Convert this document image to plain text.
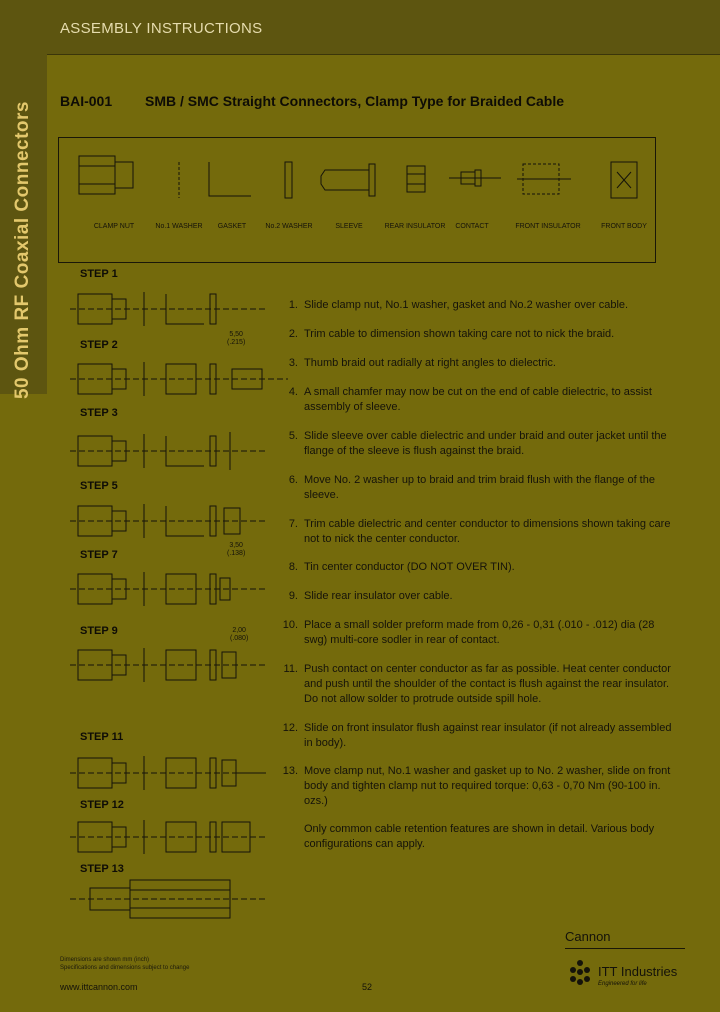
ASSEMBLY INSTRUCTIONS
50 Ohm RF Coaxial Connectors BAI-001 SMB / SMC Straight Connectors, Clamp Type for Braided Cable
CLAMP NUT	No.1 WASHER	GASKET	No.2 WASHER	SLEEVE	REAR INSULATOR	CONTACT	FRONT INSULATOR	FRONT BODY
STEP 1
STEP 2
STEP 3
STEP 5
STEP 7
STEP 9
STEP 11
STEP 12
STEP 13
5,50
(.215)
3,50
(.138)
2,00
(.080)
1. Slide clamp nut, No.1 washer, gasket and No.2 washer over cable.
2. Trim cable to dimension shown taking care not to nick the braid.
3. Thumb braid out radially at right angles to dielectric.
4. A small chamfer may now be cut on the end of cable dielectric, to assist assembly of sleeve.
5. Slide sleeve over cable dielectric and under braid and outer jacket until the flange of the sleeve is flush against the braid.
6. Move No. 2 washer up to braid and trim braid flush with the flange of the sleeve.
7. Trim cable dielectric and center conductor to dimensions shown taking care not to nick the center conductor.
8. Tin center conductor (DO NOT OVER TIN).
9. Slide rear insulator over cable.
10. Place a small solder preform made from 0,26 - 0,31 (.010 - .012) dia (28 swg) multi-core sodler in rear of contact.
11. Push contact on center conductor as far as possible. Heat center conductor and push until the shoulder of the contact is flush against the rear insulator. Do not allow solder to protrude outside spill hole.
12. Slide on front insulator flush against rear insulator (if not already assembled in body).
13. Move clamp nut, No.1 washer and gasket up to No. 2 washer, slide on front body and tighten clamp nut to required torque: 0,63 - 0,70 Nm (90-100 in. ozs.)
Only common cable retention features are shown in detail. Various body configurations can apply.
Dimensions are shown mm (inch)
Specifications and dimensions subject to change
www.ittcannon.com	52
Cannon
ITT Industries
Engineered for life
